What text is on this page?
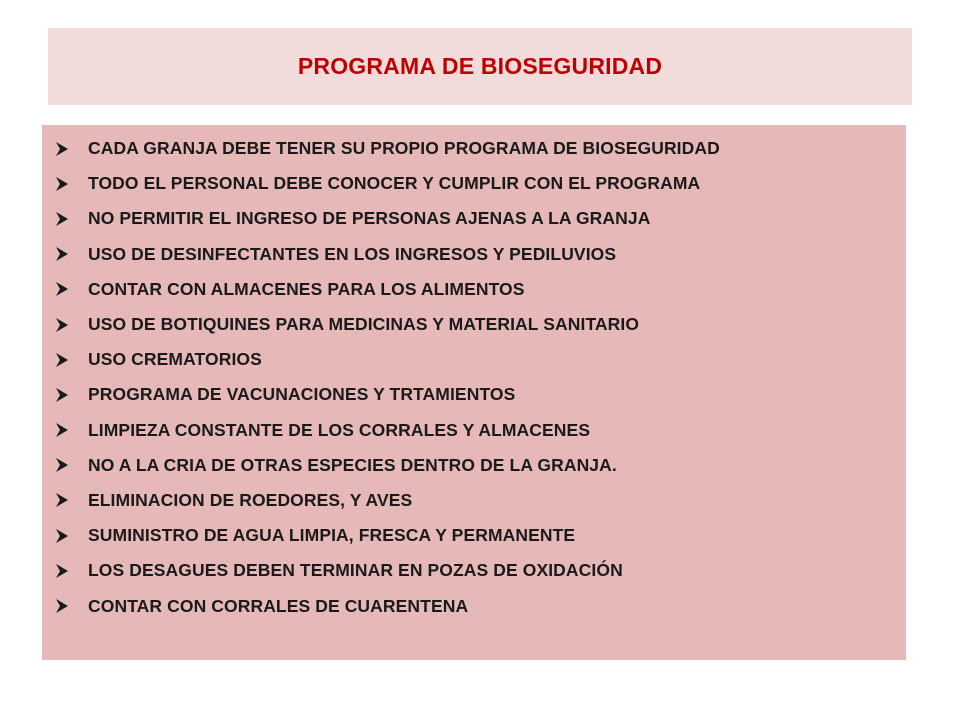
PROGRAMA DE BIOSEGURIDAD
CADA GRANJA DEBE TENER SU PROPIO PROGRAMA DE BIOSEGURIDAD
TODO EL PERSONAL DEBE CONOCER Y CUMPLIR CON EL PROGRAMA
NO PERMITIR EL INGRESO DE PERSONAS AJENAS A LA GRANJA
USO DE DESINFECTANTES EN LOS INGRESOS Y PEDILUVIOS
CONTAR CON ALMACENES PARA LOS ALIMENTOS
USO DE BOTIQUINES PARA MEDICINAS Y MATERIAL SANITARIO
USO CREMATORIOS
PROGRAMA DE VACUNACIONES Y TRTAMIENTOS
LIMPIEZA CONSTANTE DE LOS CORRALES Y ALMACENES
NO A LA CRIA DE OTRAS ESPECIES DENTRO DE LA GRANJA.
ELIMINACION DE ROEDORES, Y AVES
SUMINISTRO DE AGUA LIMPIA, FRESCA Y PERMANENTE
LOS DESAGUES DEBEN TERMINAR EN POZAS DE OXIDACIÓN
CONTAR CON CORRALES DE CUARENTENA
